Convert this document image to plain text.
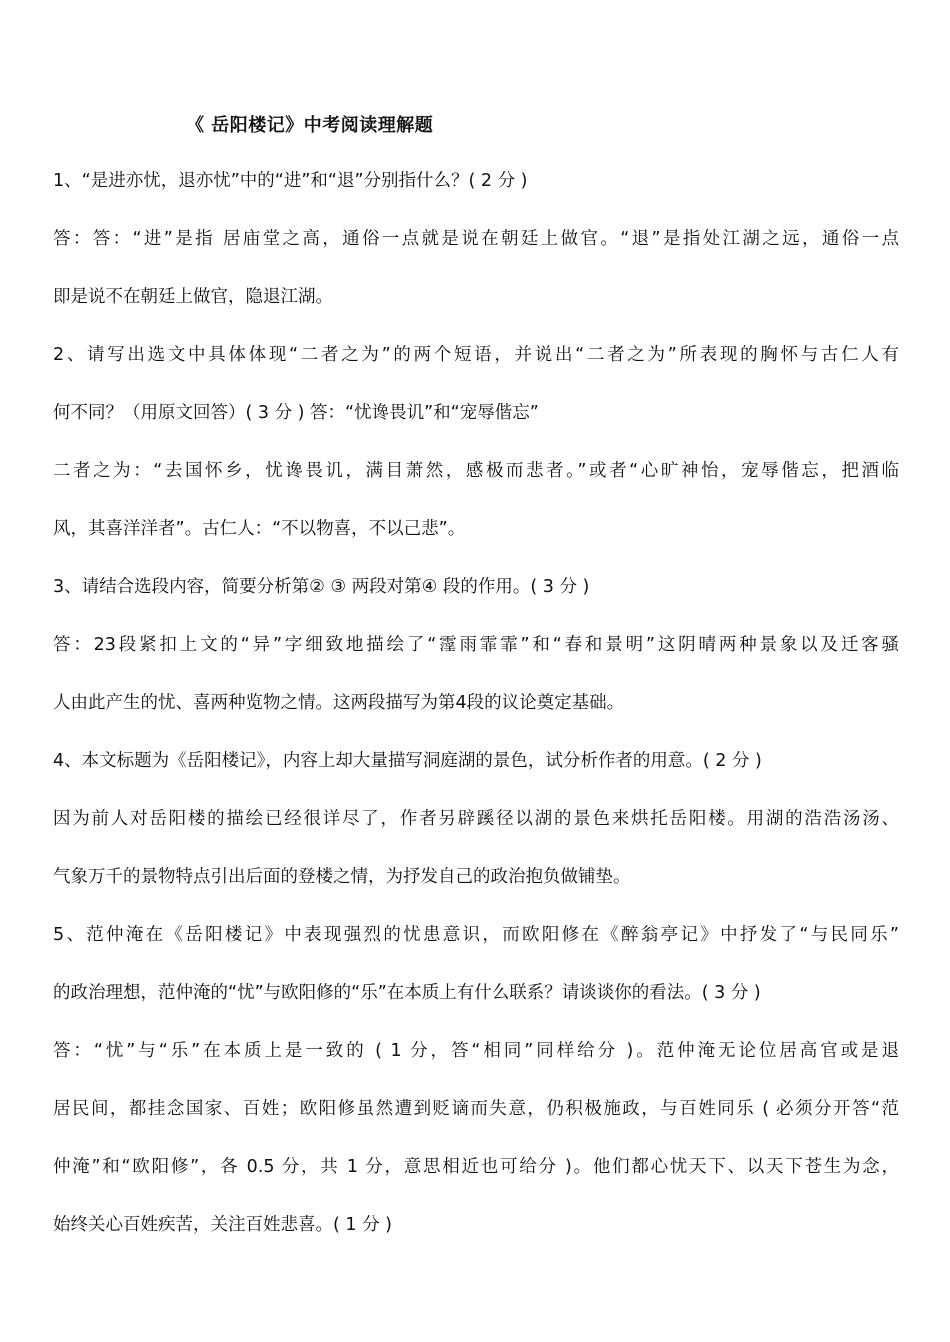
《 岳阳楼记》中考阅读理解题
1、“是进亦忧，退亦忧”中的“进”和“退”分别指什么？( 2 分 )
答：答：“进”是指 居庙堂之高，通俗一点就是说在朝廷上做官。“退”是指处江湖之远，通俗一点
即是说不在朝廷上做官，隐退江湖。
2、请写出选文中具体体现“二者之为”的两个短语，并说出“二者之为”所表现的胸怀与古仁人有
何不同？（用原文回答）( 3 分 ) 答：“忧谗畏讥”和“宠辱偕忘”
二者之为：“去国怀乡，忧谗畏讥，满目萧然，感极而悲者。”或者“心旷神怡，宠辱偕忘，把酒临
风，其喜洋洋者”。古仁人：“不以物喜，不以己悲”。
3、请结合选段内容，简要分析第② ③ 两段对第④ 段的作用。( 3 分 )
答：23段紧扣上文的“异”字细致地描绘了“霪雨霏霏”和“春和景明”这阴晴两种景象以及迁客骚
人由此产生的忧、喜两种览物之情。这两段描写为第4段的议论奠定基础。
4、本文标题为《岳阳楼记》，内容上却大量描写洞庭湖的景色，试分析作者的用意。( 2 分 )
因为前人对岳阳楼的描绘已经很详尽了，作者另辟蹊径以湖的景色来烘托岳阳楼。用湖的浩浩汤汤、
气象万千的景物特点引出后面的登楼之情，为抒发自己的政治抱负做铺垫。
5、范仲淹在《岳阳楼记》中表现强烈的忧患意识，而欧阳修在《醉翁亭记》中抒发了“与民同乐”
的政治理想，范仲淹的“忧”与欧阳修的“乐”在本质上有什么联系？请谈谈你的看法。( 3 分 )
答：“忧”与“乐”在本质上是一致的 ( 1 分，答“相同”同样给分 )。范仲淹无论位居高官或是退
居民间，都挂念国家、百姓；欧阳修虽然遭到贬谪而失意，仍积极施政，与百姓同乐 ( 必须分开答“范
仲淹”和“欧阳修”，各 0.5 分，共 1 分，意思相近也可给分 )。他们都心忧天下、以天下苍生为念，
始终关心百姓疾苦，关注百姓悲喜。( 1 分 )
